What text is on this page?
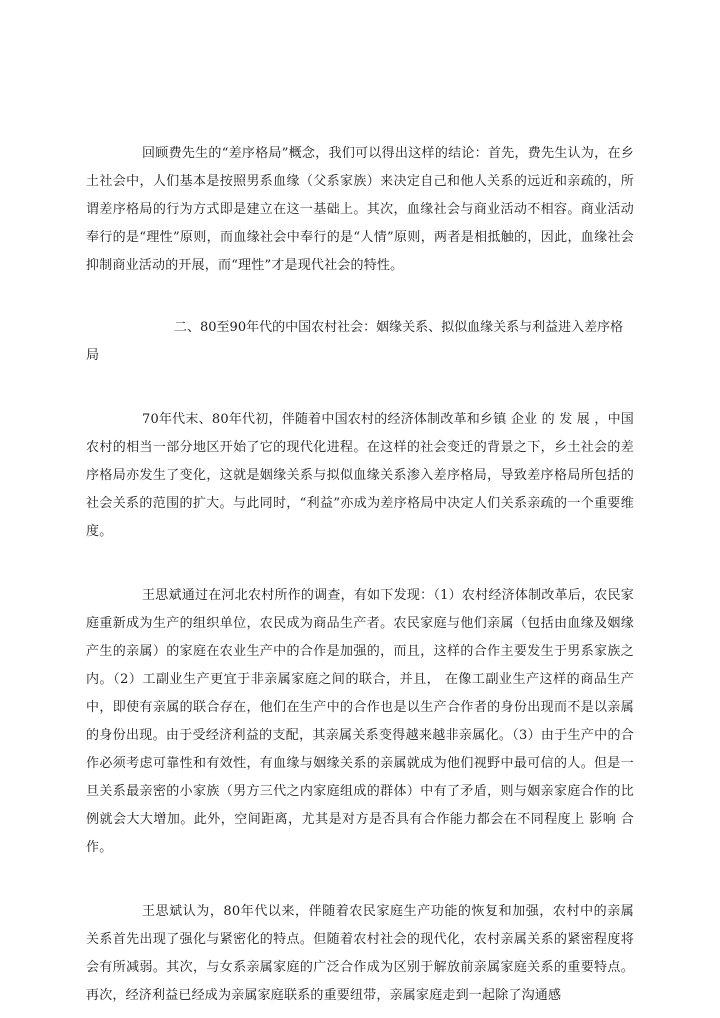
回顾费先生的“差序格局”概念，我们可以得出这样的结论：首先，费先生认为，在乡土社会中，人们基本是按照男系血缘（父系家族）来决定自己和他人关系的远近和亲疏的，所谓差序格局的行为方式即是建立在这一基础上。其次，血缘社会与商业活动不相容。商业活动奉行的是“理性”原则，而血缘社会中奉行的是“人情”原则，两者是相抵触的，因此，血缘社会抑制商业活动的开展，而“理性”才是现代社会的特性。

二、80至90年代的中国农村社会：姻缘关系、拟似血缘关系与利益进入差序格局

70年代末、80年代初，伴随着中国农村的经济体制改革和乡镇 企业 的 发 展 ，中国农村的相当一部分地区开始了它的现代化进程。在这样的社会变迁的背景之下，乡土社会的差序格局亦发生了变化，这就是姻缘关系与拟似血缘关系渗入差序格局，导致差序格局所包括的社会关系的范围的扩大。与此同时，“利益”亦成为差序格局中决定人们关系亲疏的一个重要维度。

王思斌通过在河北农村所作的调查，有如下发现：（1）农村经济体制改革后，农民家庭重新成为生产的组织单位，农民成为商品生产者。农民家庭与他们亲属（包括由血缘及姻缘产生的亲属）的家庭在农业生产中的合作是加强的，而且，这样的合作主要发生于男系家族之内。（2）工副业生产更宜于非亲属家庭之间的联合，并且， 在像工副业生产这样的商品生产中，即使有亲属的联合存在，他们在生产中的合作也是以生产合作者的身份出现而不是以亲属的身份出现。由于受经济利益的支配，其亲属关系变得越来越非亲属化。（3）由于生产中的合作必须考虑可靠性和有效性，有血缘与姻缘关系的亲属就成为他们视野中最可信的人。但是一旦关系最亲密的小家族（男方三代之内家庭组成的群体）中有了矛盾，则与姻亲家庭合作的比例就会大大增加。此外，空间距离，尤其是对方是否具有合作能力都会在不同程度上 影响 合作。

王思斌认为，80年代以来，伴随着农民家庭生产功能的恢复和加强，农村中的亲属关系首先出现了强化与紧密化的特点。但随着农村社会的现代化，农村亲属关系的紧密程度将会有所减弱。其次，与女系亲属家庭的广泛合作成为区别于解放前亲属家庭关系的重要特点。再次，经济利益已经成为亲属家庭联系的重要纽带，亲属家庭走到一起除了沟通感
